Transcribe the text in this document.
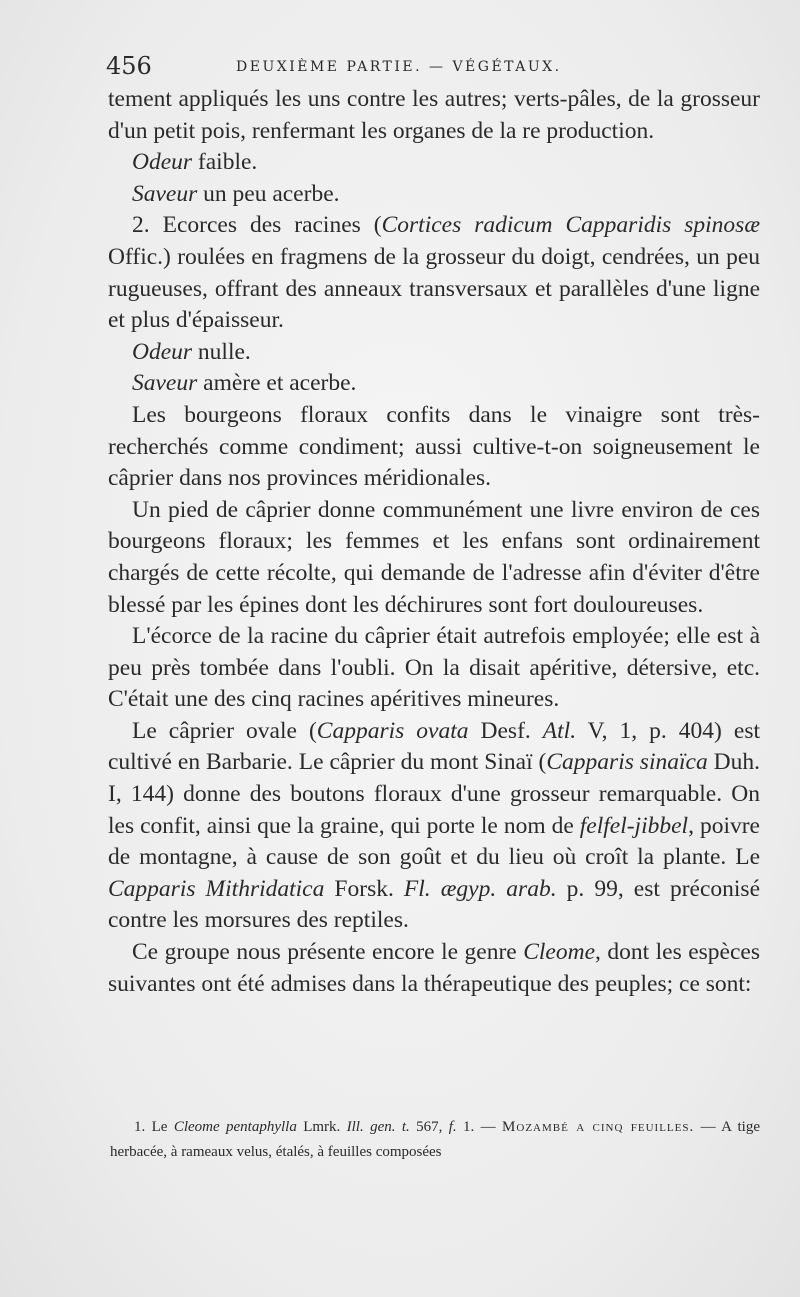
456	DEUXIÈME PARTIE. — VÉGÉTAUX.

tement appliqués les uns contre les autres; verts-pâles, de la grosseur d'un petit pois, renfermant les organes de la re production.

Odeur faible.

Saveur un peu acerbe.

2. Ecorces des racines (Cortices radicum Capparidis spinosæ Offic.) roulées en fragmens de la grosseur du doigt, cendrées, un peu rugueuses, offrant des anneaux transversaux et parallèles d'une ligne et plus d'épaisseur.

Odeur nulle.

Saveur amère et acerbe.

Les bourgeons floraux confits dans le vinaigre sont très-recherchés comme condiment; aussi cultive-t-on soigneusement le câprier dans nos provinces méridionales.

Un pied de câprier donne communément une livre environ de ces bourgeons floraux; les femmes et les enfans sont ordinairement chargés de cette récolte, qui demande de l'adresse afin d'éviter d'être blessé par les épines dont les déchirures sont fort douloureuses.

L'écorce de la racine du câprier était autrefois employée; elle est à peu près tombée dans l'oubli. On la disait apéritive, détersive, etc. C'était une des cinq racines apéritives mineures.

Le câprier ovale (Capparis ovata Desf. Atl. V, 1, p. 404) est cultivé en Barbarie. Le câprier du mont Sinaï (Capparis sinaïca Duh. I, 144) donne des boutons floraux d'une grosseur remarquable. On les confit, ainsi que la graine, qui porte le nom de felfel-jibbel, poivre de montagne, à cause de son goût et du lieu où croît la plante. Le Capparis Mithridatica Forsk. Fl. ægyp. arab. p. 99, est préconisé contre les morsures des reptiles.

Ce groupe nous présente encore le genre Cleome, dont les espèces suivantes ont été admises dans la thérapeutique des peuples; ce sont:

1. Le Cleome pentaphylla Lmrk. Ill. gen. t. 567, f. 1. — Mozambé a cinq feuilles. — A tige herbacée, à rameaux velus, étalés, à feuilles composées
